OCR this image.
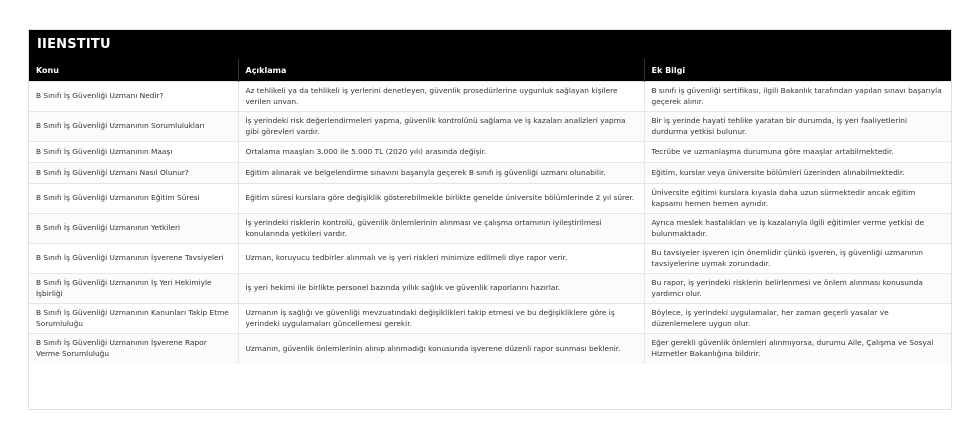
IIENSTITU
Konu	Açıklama	Ek Bilgi
B Sınıfı İş Güvenliği Uzmanı Nedir?	Az tehlikeli ya da tehlikeli iş yerlerini denetleyen, güvenlik prosedürlerine uygunluk sağlayan kişilere verilen unvan.	B sınıfı iş güvenliği sertifikası, ilgili Bakanlık tarafından yapılan sınavı başarıyla geçerek alınır.
B Sınıfı İş Güvenliği Uzmanının Sorumlulukları	İş yerindeki risk değerlendirmeleri yapma, güvenlik kontrolünü sağlama ve iş kazaları analizleri yapma gibi görevleri vardır.	Bir iş yerinde hayati tehlike yaratan bir durumda, iş yeri faaliyetlerini durdurma yetkisi bulunur.
B Sınıfı İş Güvenliği Uzmanının Maaşı	Ortalama maaşları 3.000 ile 5.000 TL (2020 yılı) arasında değişir.	Tecrübe ve uzmanlaşma durumuna göre maaşlar artabilmektedir.
B Sınıfı İş Güvenliği Uzmanı Nasıl Olunur?	Eğitim alınarak ve belgelendirme sınavını başarıyla geçerek B sınıfı iş güvenliği uzmanı olunabilir.	Eğitim, kurslar veya üniversite bölümleri üzerinden alınabilmektedir.
B Sınıfı İş Güvenliği Uzmanının Eğitim Süresi	Eğitim süresi kurslara göre değişiklik gösterebilmekle birlikte genelde üniversite bölümlerinde 2 yıl sürer.	Üniversite eğitimi kurslara kıyasla daha uzun sürmektedir ancak eğitim kapsamı hemen hemen aynıdır.
B Sınıfı İş Güvenliği Uzmanının Yetkileri	İş yerindeki risklerin kontrolü, güvenlik önlemlerinin alınması ve çalışma ortamının iyileştirilmesi konularında yetkileri vardır.	Ayrıca meslek hastalıkları ve iş kazalarıyla ilgili eğitimler verme yetkisi de bulunmaktadır.
B Sınıfı İş Güvenliği Uzmanının İşverene Tavsiyeleri	Uzman, koruyucu tedbirler alınmalı ve iş yeri riskleri minimize edilmeli diye rapor verir.	Bu tavsiyeler işveren için önemlidir çünkü işveren, iş güvenliği uzmanının tavsiyelerine uymak zorundadır.
B Sınıfı İş Güvenliği Uzmanının İş Yeri Hekimiyle İşbirliği	İş yeri hekimi ile birlikte personel bazında yıllık sağlık ve güvenlik raporlarını hazırlar.	Bu rapor, iş yerindeki risklerin belirlenmesi ve önlem alınması konusunda yardımcı olur.
B Sınıfı İş Güvenliği Uzmanının Kanunları Takip Etme Sorumluluğu	Uzmanın iş sağlığı ve güvenliği mevzuatındaki değişiklikleri takip etmesi ve bu değişikliklere göre iş yerindeki uygulamaları güncellemesi gerekir.	Böylece, iş yerindeki uygulamalar, her zaman geçerli yasalar ve düzenlemelere uygun olur.
B Sınıfı İş Güvenliği Uzmanının İşverene Rapor Verme Sorumluluğu	Uzmanın, güvenlik önlemlerinin alınıp alınmadığı konusunda işverene düzenli rapor sunması beklenir.	Eğer gerekli güvenlik önlemleri alınmıyorsa, durumu Aile, Çalışma ve Sosyal Hizmetler Bakanlığına bildirir.
